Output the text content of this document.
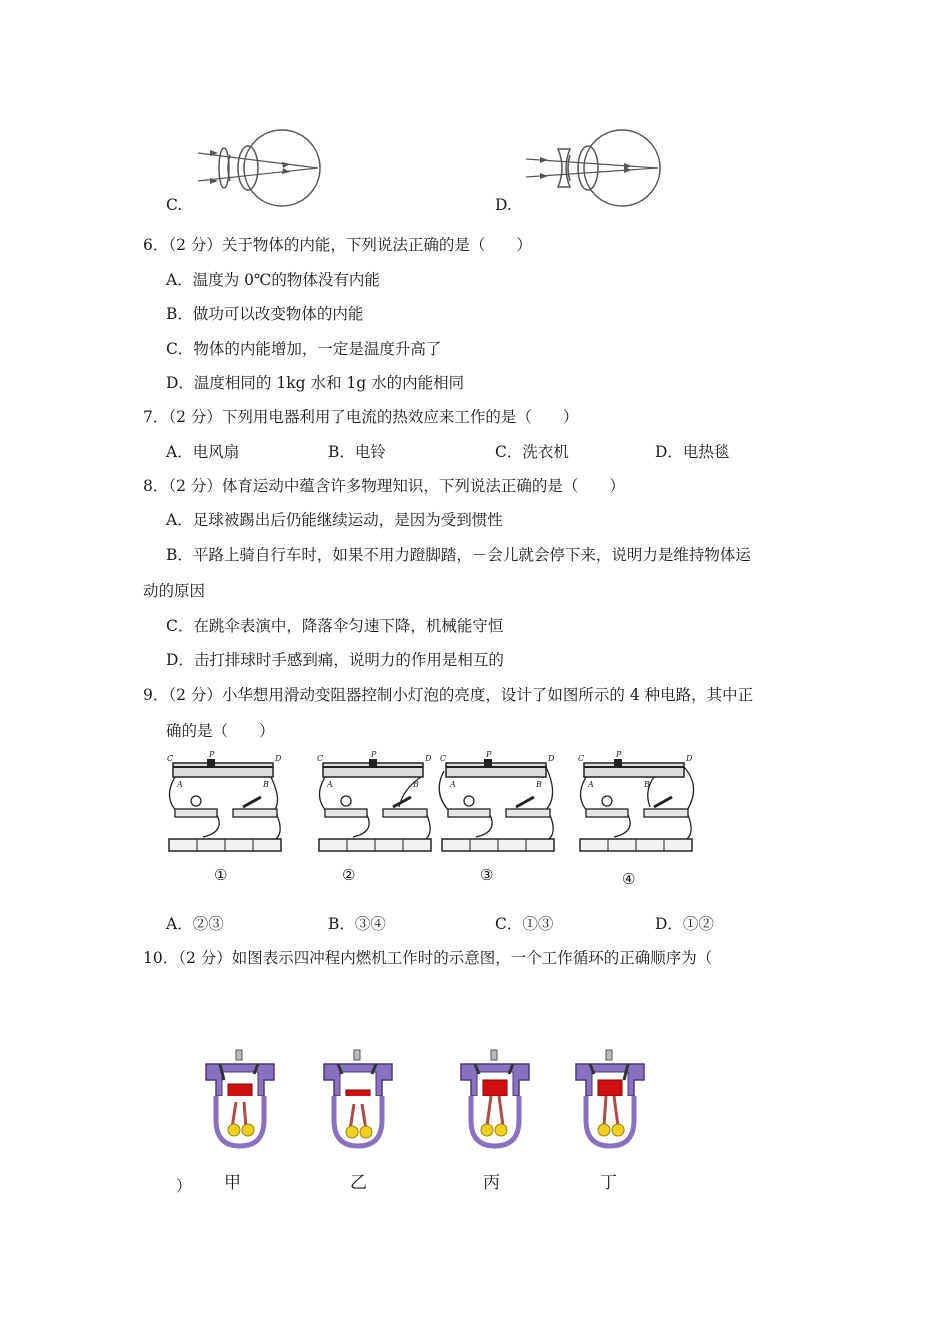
C.	D.
6．（2 分）关于物体的内能，下列说法正确的是（　　）
A．温度为 0℃的物体没有内能
B．做功可以改变物体的内能
C．物体的内能增加，一定是温度升高了
D．温度相同的 1kg 水和 1g 水的内能相同
7．（2 分）下列用电器利用了电流的热效应来工作的是（　　）
A．电风扇	B．电铃	C．洗衣机	D．电热毯
8．（2 分）体育运动中蕴含许多物理知识，下列说法正确的是（　　）
A．足球被踢出后仍能继续运动，是因为受到惯性
B．平路上骑自行车时，如果不用力蹬脚踏，－会儿就会停下来，说明力是维持物体运
动的原因
C．在跳伞表演中，降落伞匀速下降，机械能守恒
D．击打排球时手感到痛，说明力的作用是相互的
9．（2 分）小华想用滑动变阻器控制小灯泡的亮度，设计了如图所示的 4 种电路，其中正
确的是（　　）
C	P	D
A	B
①
C	P	D
A	B
②
C	P	D
A	B
③
C	P	D
A	B
④
A．②③	B．③④	C．①③	D．①②
10．（2 分）如图表示四冲程内燃机工作时的示意图，一个工作循环的正确顺序为（
甲	乙	丙	丁
）
